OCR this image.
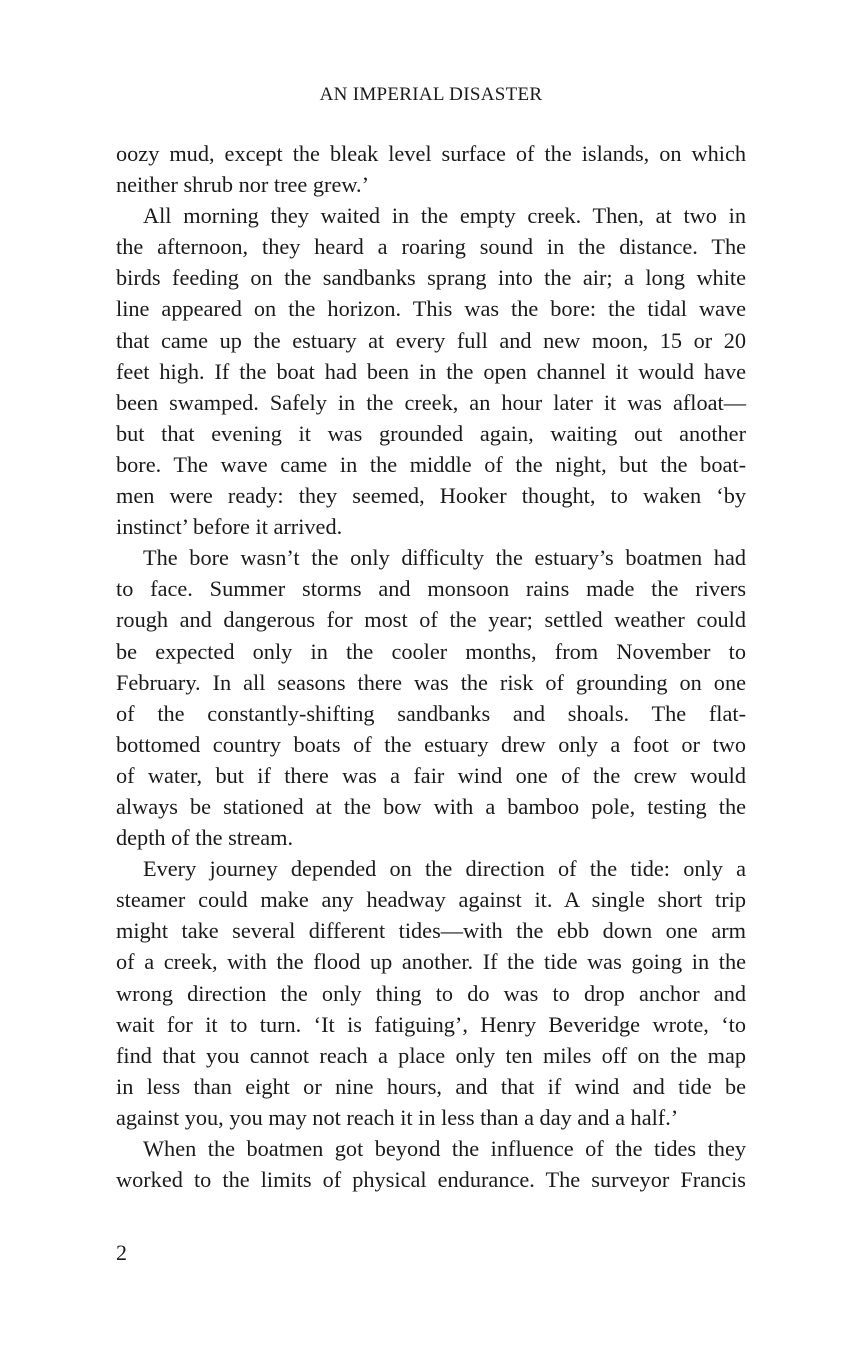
AN IMPERIAL DISASTER

oozy mud, except the bleak level surface of the islands, on which
neither shrub nor tree grew.’

All morning they waited in the empty creek. Then, at two in
the afternoon, they heard a roaring sound in the distance. The
birds feeding on the sandbanks sprang into the air; a long white
line appeared on the horizon. This was the bore: the tidal wave
that came up the estuary at every full and new moon, 15 or 20
feet high. If the boat had been in the open channel it would have
been swamped. Safely in the creek, an hour later it was afloat—
but that evening it was grounded again, waiting out another
bore. The wave came in the middle of the night, but the boat-
men were ready: they seemed, Hooker thought, to waken ‘by
instinct’ before it arrived.

The bore wasn’t the only difficulty the estuary’s boatmen had
to face. Summer storms and monsoon rains made the rivers
rough and dangerous for most of the year; settled weather could
be expected only in the cooler months, from November to
February. In all seasons there was the risk of grounding on one
of the constantly-shifting sandbanks and shoals. The flat-
bottomed country boats of the estuary drew only a foot or two
of water, but if there was a fair wind one of the crew would
always be stationed at the bow with a bamboo pole, testing the
depth of the stream.

Every journey depended on the direction of the tide: only a
steamer could make any headway against it. A single short trip
might take several different tides—with the ebb down one arm
of a creek, with the flood up another. If the tide was going in the
wrong direction the only thing to do was to drop anchor and
wait for it to turn. ‘It is fatiguing’, Henry Beveridge wrote, ‘to
find that you cannot reach a place only ten miles off on the map
in less than eight or nine hours, and that if wind and tide be
against you, you may not reach it in less than a day and a half.’

When the boatmen got beyond the influence of the tides they
worked to the limits of physical endurance. The surveyor Francis

2
